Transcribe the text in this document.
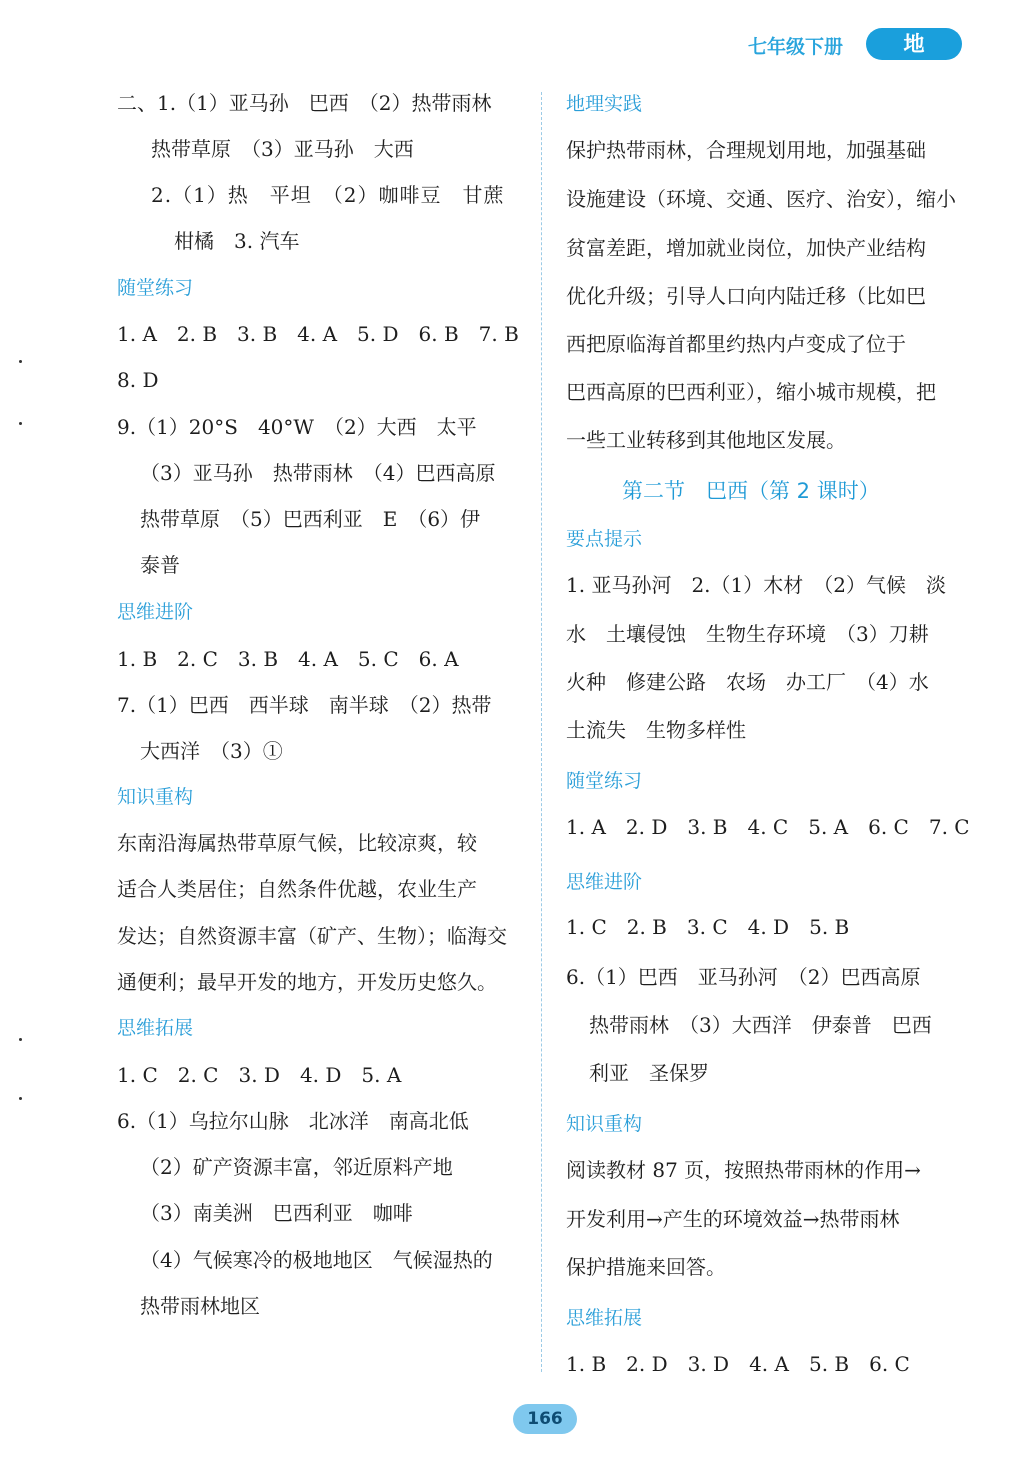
七年级下册	地理
二、1.（1）亚马孙　巴西　（2）热带雨林
热带草原　（3）亚马孙　大西
2.（1）热　平坦　（2）咖啡豆　甘蔗
柑橘　3. 汽车
随堂练习
1. A　2. B　3. B　4. A　5. D　6. B　7. B
8. D
9.（1）20°S　40°W　（2）大西　太平
（3）亚马孙　热带雨林　（4）巴西高原
热带草原　（5）巴西利亚　E　（6）伊
泰普
思维进阶
1. B　2. C　3. B　4. A　5. C　6. A
7.（1）巴西　西半球　南半球　（2）热带
大西洋　（3）①
知识重构
东南沿海属热带草原气候，比较凉爽，较
适合人类居住；自然条件优越，农业生产
发达；自然资源丰富（矿产、生物）；临海交
通便利；最早开发的地方，开发历史悠久。
思维拓展
1. C　2. C　3. D　4. D　5. A
6.（1）乌拉尔山脉　北冰洋　南高北低
（2）矿产资源丰富，邻近原料产地
（3）南美洲　巴西利亚　咖啡
（4）气候寒冷的极地地区　气候湿热的
热带雨林地区
地理实践
保护热带雨林，合理规划用地，加强基础
设施建设（环境、交通、医疗、治安），缩小
贫富差距，增加就业岗位，加快产业结构
优化升级；引导人口向内陆迁移（比如巴
西把原临海首都里约热内卢变成了位于
巴西高原的巴西利亚），缩小城市规模，把
一些工业转移到其他地区发展。
第二节　巴西（第 2 课时）
要点提示
1. 亚马孙河　2.（1）木材　（2）气候　淡
水　土壤侵蚀　生物生存环境　（3）刀耕
火种　修建公路　农场　办工厂　（4）水
土流失　生物多样性
随堂练习
1. A　2. D　3. B　4. C　5. A　6. C　7. C
思维进阶
1. C　2. B　3. C　4. D　5. B
6.（1）巴西　亚马孙河　（2）巴西高原
热带雨林　（3）大西洋　伊泰普　巴西
利亚　圣保罗
知识重构
阅读教材 87 页，按照热带雨林的作用→
开发利用→产生的环境效益→热带雨林
保护措施来回答。
思维拓展
1. B　2. D　3. D　4. A　5. B　6. C
166
